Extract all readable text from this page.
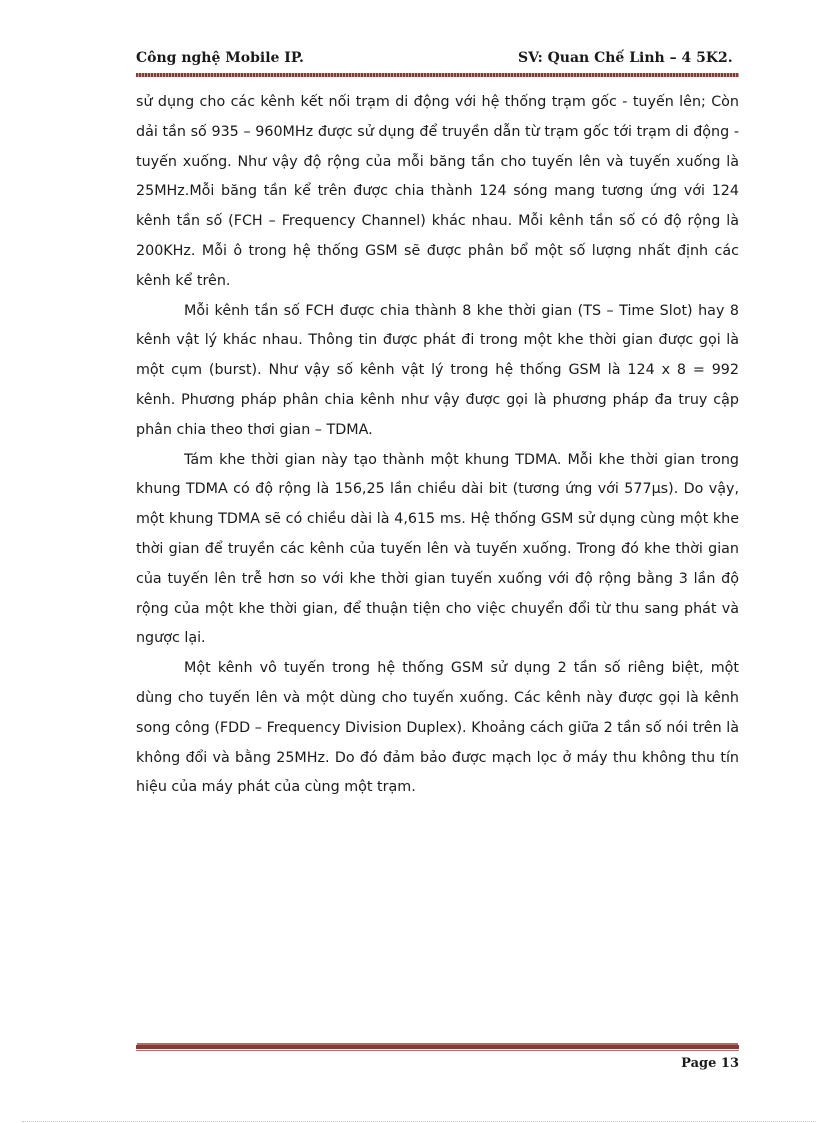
Công nghệ Mobile IP.	SV: Quan Chế Linh – 4 5K2.

sử dụng cho các kênh kết nối trạm di động với hệ thống trạm gốc - tuyến lên; Còn dải tần số 935 – 960MHz được sử dụng để truyền dẫn từ trạm gốc tới trạm di động - tuyến xuống. Như vậy độ rộng của mỗi băng tần cho tuyến lên và tuyến xuống là 25MHz.Mỗi băng tần kể trên được chia thành 124 sóng mang tương ứng với 124 kênh tần số (FCH – Frequency Channel) khác nhau. Mỗi kênh tần số có độ rộng là 200KHz. Mỗi ô trong hệ thống GSM sẽ được phân bổ một số lượng nhất định các kênh kể trên.

Mỗi kênh tần số FCH được chia thành 8 khe thời gian (TS – Time Slot) hay 8 kênh vật lý khác nhau. Thông tin được phát đi trong một khe thời gian được gọi là một cụm (burst). Như vậy số kênh vật lý trong hệ thống GSM là 124 x 8 = 992 kênh. Phương pháp phân chia kênh như vậy được gọi là phương pháp đa truy cập phân chia theo thơi gian – TDMA.

Tám khe thời gian này tạo thành một khung TDMA. Mỗi khe thời gian trong khung TDMA có độ rộng là 156,25 lần chiều dài bit (tương ứng với 577μs). Do vậy, một khung TDMA sẽ có chiều dài là 4,615 ms. Hệ thống GSM sử dụng cùng một khe thời gian để truyền các kênh của tuyến lên và tuyến xuống. Trong đó khe thời gian của tuyến lên trễ hơn so với khe thời gian tuyến xuống với độ rộng bằng 3 lần độ rộng của một khe thời gian, để thuận tiện cho việc chuyển đổi từ thu sang phát và ngược lại.

Một kênh vô tuyến trong hệ thống GSM sử dụng 2 tần số riêng biệt, một dùng cho tuyến lên và một dùng cho tuyến xuống. Các kênh này được gọi là kênh song công (FDD – Frequency Division Duplex). Khoảng cách giữa 2 tần số nói trên là không đổi và bằng 25MHz. Do đó đảm bảo được mạch lọc ở máy thu không thu tín hiệu của máy phát của cùng một trạm.

Page 13
